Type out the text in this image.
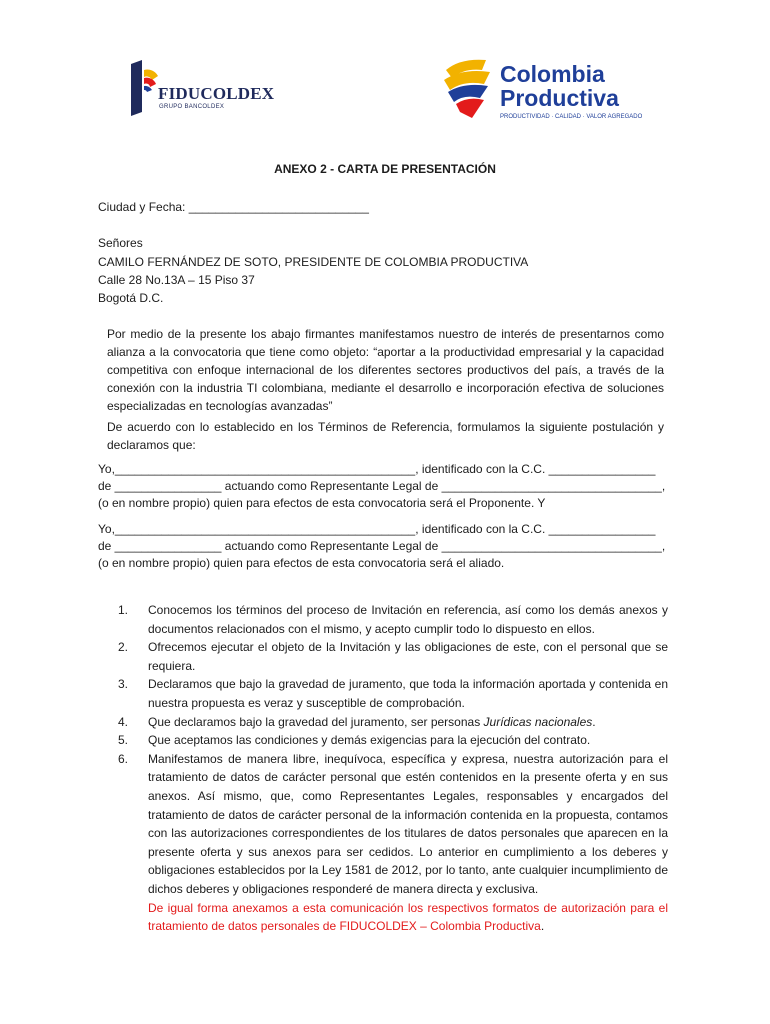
FIDUCOLDEX
GRUPO BANCOLDEX
Colombia
Productiva
PRODUCTIVIDAD · CALIDAD · VALOR AGREGADO
ANEXO 2 - CARTA DE PRESENTACIÓN
Ciudad y Fecha: ___________________________
Señores
CAMILO FERNÁNDEZ DE SOTO, PRESIDENTE DE COLOMBIA PRODUCTIVA
Calle 28 No.13A – 15 Piso 37
Bogotá D.C.
Por medio de la presente los abajo firmantes manifestamos nuestro de interés de presentarnos como alianza a la convocatoria que tiene como objeto: “aportar a la productividad empresarial y la capacidad competitiva con enfoque internacional de los diferentes sectores productivos del país, a través de la conexión con la industria TI colombiana, mediante el desarrollo e incorporación efectiva de soluciones especializadas en tecnologías avanzadas”
De acuerdo con lo establecido en los Términos de Referencia, formulamos la siguiente postulación y declaramos que:
Yo,_____________________________________________, identificado con la C.C. ________________
de ________________ actuando como Representante Legal de _________________________________,
(o en nombre propio) quien para efectos de esta convocatoria será el Proponente. Y
Yo,_____________________________________________, identificado con la C.C. ________________
de ________________ actuando como Representante Legal de _________________________________,
(o en nombre propio) quien para efectos de esta convocatoria será el aliado.
1. Conocemos los términos del proceso de Invitación en referencia, así como los demás anexos y documentos relacionados con el mismo, y acepto cumplir todo lo dispuesto en ellos.
2. Ofrecemos ejecutar el objeto de la Invitación y las obligaciones de este, con el personal que se requiera.
3. Declaramos que bajo la gravedad de juramento, que toda la información aportada y contenida en nuestra propuesta es veraz y susceptible de comprobación.
4. Que declaramos bajo la gravedad del juramento, ser personas Jurídicas nacionales.
5. Que aceptamos las condiciones y demás exigencias para la ejecución del contrato.
6. Manifestamos de manera libre, inequívoca, específica y expresa, nuestra autorización para el tratamiento de datos de carácter personal que estén contenidos en la presente oferta y en sus anexos. Así mismo, que, como Representantes Legales, responsables y encargados del tratamiento de datos de carácter personal de la información contenida en la propuesta, contamos con las autorizaciones correspondientes de los titulares de datos personales que aparecen en la presente oferta y sus anexos para ser cedidos. Lo anterior en cumplimiento a los deberes y obligaciones establecidos por la Ley 1581 de 2012, por lo tanto, ante cualquier incumplimiento de dichos deberes y obligaciones responderé de manera directa y exclusiva.
De igual forma anexamos a esta comunicación los respectivos formatos de autorización para el tratamiento de datos personales de FIDUCOLDEX – Colombia Productiva.
